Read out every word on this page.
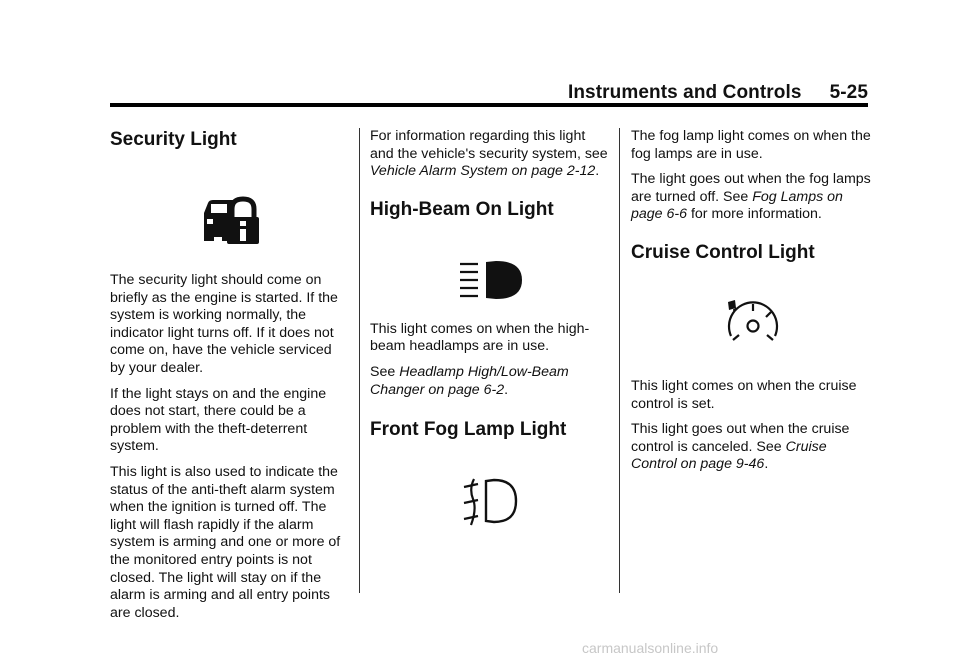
Instruments and Controls 5-25
Security Light

The security light should come on briefly as the engine is started. If the system is working normally, the indicator light turns off. If it does not come on, have the vehicle serviced by your dealer.

If the light stays on and the engine does not start, there could be a problem with the theft-deterrent system.

This light is also used to indicate the status of the anti-theft alarm system when the ignition is turned off. The light will flash rapidly if the alarm system is arming and one or more of the monitored entry points is not closed. The light will stay on if the alarm is arming and all entry points are closed.

For information regarding this light and the vehicle's security system, see Vehicle Alarm System on page 2-12.

High-Beam On Light

This light comes on when the high-beam headlamps are in use.

See Headlamp High/Low-Beam Changer on page 6-2.

Front Fog Lamp Light

The fog lamp light comes on when the fog lamps are in use.

The light goes out when the fog lamps are turned off. See Fog Lamps on page 6-6 for more information.

Cruise Control Light

This light comes on when the cruise control is set.

This light goes out when the cruise control is canceled. See Cruise Control on page 9-46.

carmanualsonline.info
